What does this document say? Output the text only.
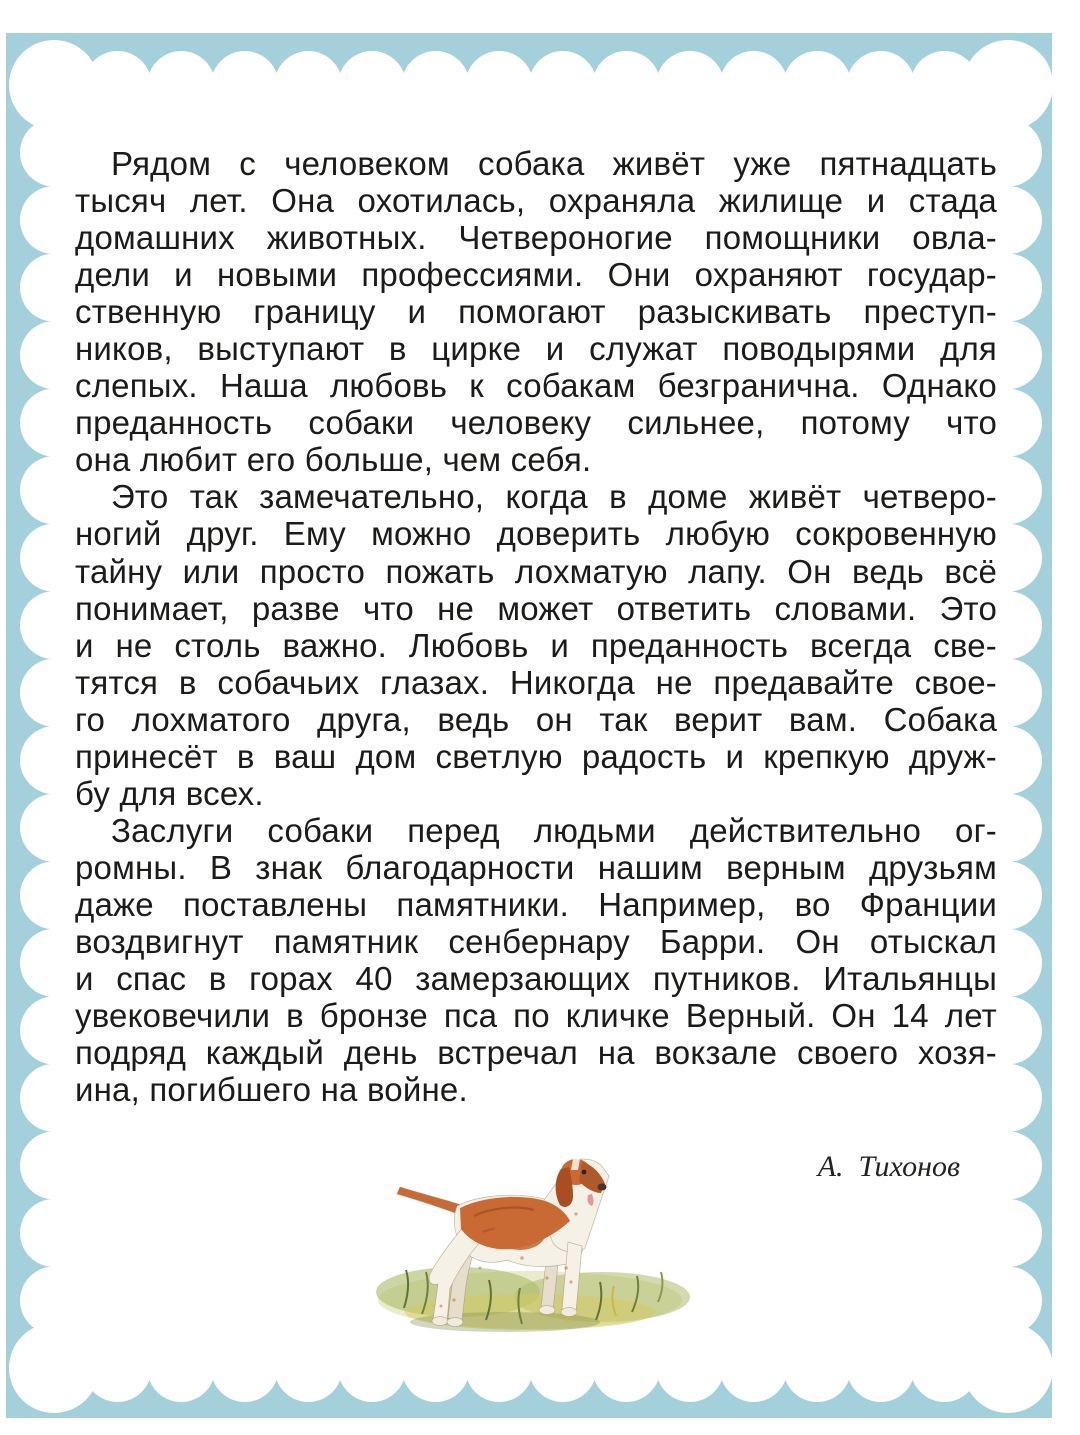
Рядом с человеком собака живёт уже пятнадцать
тысяч лет. Она охотилась, охраняла жилище и стада
домашних животных. Четвероногие помощники овла-
дели и новыми профессиями. Они охраняют государ-
ственную границу и помогают разыскивать преступ-
ников, выступают в цирке и служат поводырями для
слепых. Наша любовь к собакам безгранична. Однако
преданность собаки человеку сильнее, потому что
она любит его больше, чем себя.
Это так замечательно, когда в доме живёт четверо-
ногий друг. Ему можно доверить любую сокровенную
тайну или просто пожать лохматую лапу. Он ведь всё
понимает, разве что не может ответить словами. Это
и не столь важно. Любовь и преданность всегда све-
тятся в собачьих глазах. Никогда не предавайте свое-
го лохматого друга, ведь он так верит вам. Собака
принесёт в ваш дом светлую радость и крепкую друж-
бу для всех.
Заслуги собаки перед людьми действительно ог-
ромны. В знак благодарности нашим верным друзьям
даже поставлены памятники. Например, во Франции
воздвигнут памятник сенбернару Барри. Он отыскал
и спас в горах 40 замерзающих путников. Итальянцы
увековечили в бронзе пса по кличке Верный. Он 14 лет
подряд каждый день встречал на вокзале своего хозя-
ина, погибшего на войне.
А.  Тихонов
